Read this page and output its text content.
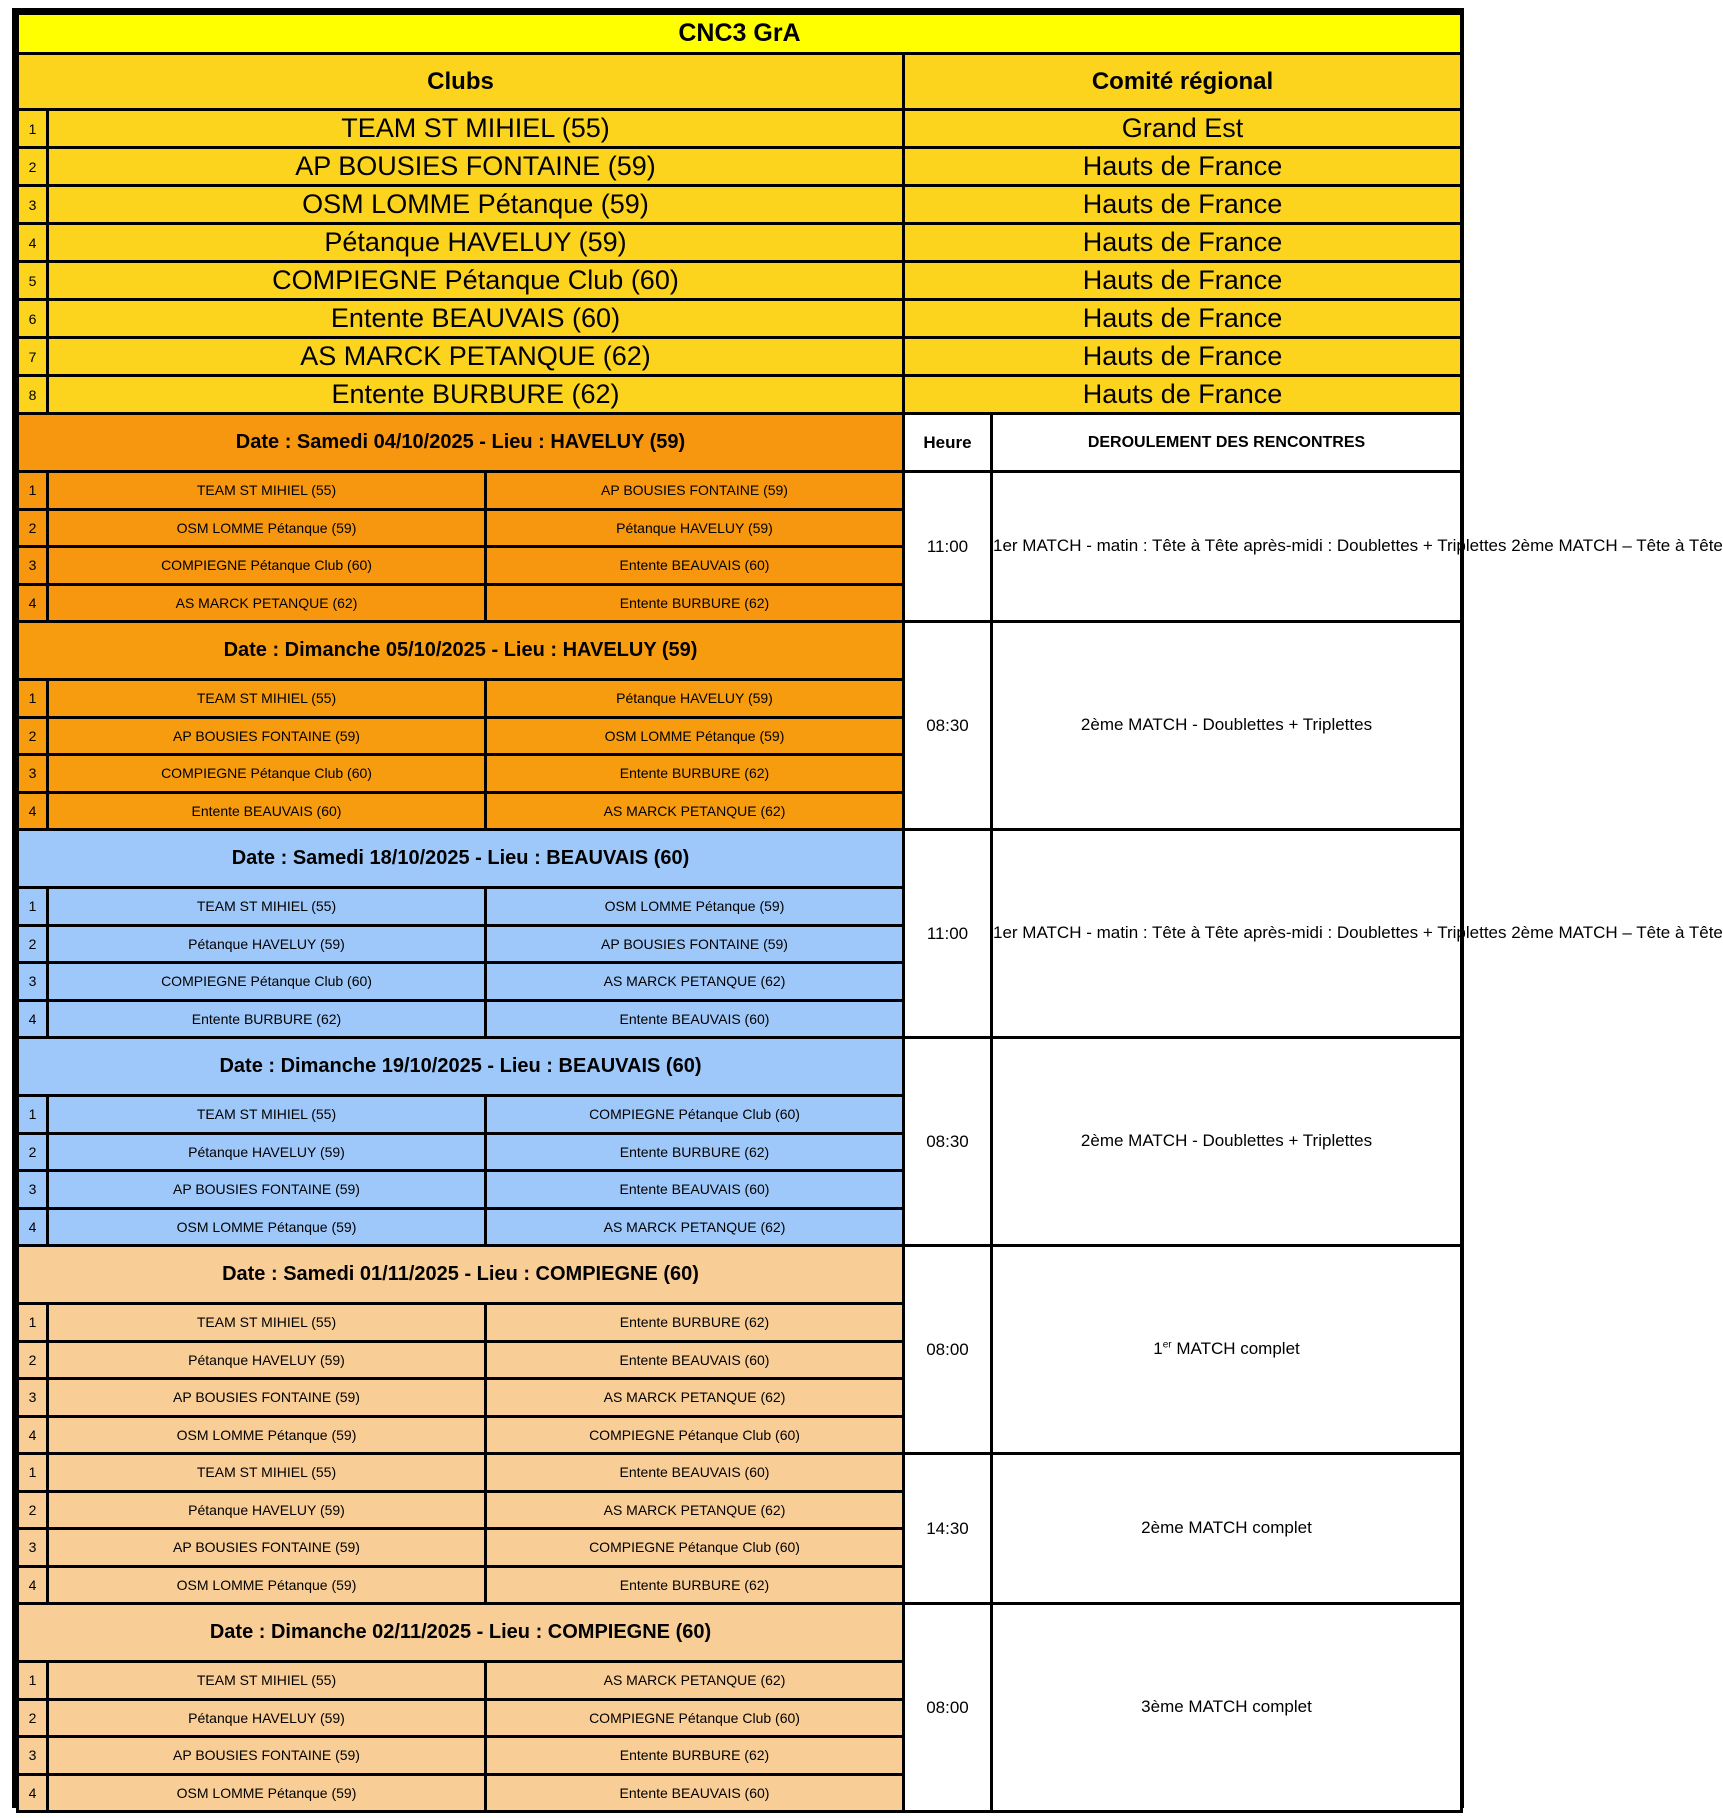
CNC3 GrA				
Clubs			Comité régional	
1	TEAM ST MIHIEL (55)		Grand Est	
2	AP BOUSIES FONTAINE (59)		Hauts de France	
3	OSM LOMME Pétanque (59)		Hauts de France	
4	Pétanque HAVELUY (59)		Hauts de France	
5	COMPIEGNE Pétanque Club (60)		Hauts de France	
6	Entente BEAUVAIS (60)		Hauts de France	
7	AS MARCK PETANQUE (62)		Hauts de France	
8	Entente BURBURE (62)		Hauts de France	
Date : Samedi 04/10/2025 - Lieu : HAVELUY (59)			Heure	DEROULEMENT DES RENCONTRES
1	TEAM ST MIHIEL (55)	AP BOUSIES FONTAINE (59)	11:00	1er MATCH - matin : Tête à Tête après-midi : Doublettes + Triplettes 2ème MATCH – Tête à Tête
2	OSM LOMME Pétanque (59)	Pétanque HAVELUY (59)		
3	COMPIEGNE Pétanque Club (60)	Entente BEAUVAIS (60)		
4	AS MARCK PETANQUE (62)	Entente BURBURE (62)		
Date : Dimanche 05/10/2025 - Lieu : HAVELUY (59)			08:30	2ème MATCH - Doublettes + Triplettes
1	TEAM ST MIHIEL (55)	Pétanque HAVELUY (59)		
2	AP BOUSIES FONTAINE (59)	OSM LOMME Pétanque (59)		
3	COMPIEGNE Pétanque Club (60)	Entente BURBURE (62)		
4	Entente BEAUVAIS (60)	AS MARCK PETANQUE (62)		
Date : Samedi 18/10/2025 - Lieu : BEAUVAIS (60)			11:00	1er MATCH - matin : Tête à Tête après-midi : Doublettes + Triplettes 2ème MATCH – Tête à Tête
1	TEAM ST MIHIEL (55)	OSM LOMME Pétanque (59)		
2	Pétanque HAVELUY (59)	AP BOUSIES FONTAINE (59)		
3	COMPIEGNE Pétanque Club (60)	AS MARCK PETANQUE (62)		
4	Entente BURBURE (62)	Entente BEAUVAIS (60)		
Date : Dimanche 19/10/2025 - Lieu : BEAUVAIS (60)			08:30	2ème MATCH - Doublettes + Triplettes
1	TEAM ST MIHIEL (55)	COMPIEGNE Pétanque Club (60)		
2	Pétanque HAVELUY (59)	Entente BURBURE (62)		
3	AP BOUSIES FONTAINE (59)	Entente BEAUVAIS (60)		
4	OSM LOMME Pétanque (59)	AS MARCK PETANQUE (62)		
Date : Samedi 01/11/2025 - Lieu : COMPIEGNE (60)			08:00	1er MATCH complet
1	TEAM ST MIHIEL (55)	Entente BURBURE (62)		
2	Pétanque HAVELUY (59)	Entente BEAUVAIS (60)		
3	AP BOUSIES FONTAINE (59)	AS MARCK PETANQUE (62)		
4	OSM LOMME Pétanque (59)	COMPIEGNE Pétanque Club (60)		
1	TEAM ST MIHIEL (55)	Entente BEAUVAIS (60)	14:30	2ème MATCH complet
2	Pétanque HAVELUY (59)	AS MARCK PETANQUE (62)		
3	AP BOUSIES FONTAINE (59)	COMPIEGNE Pétanque Club (60)		
4	OSM LOMME Pétanque (59)	Entente BURBURE (62)		
Date : Dimanche 02/11/2025 - Lieu : COMPIEGNE (60)			08:00	3ème MATCH complet
1	TEAM ST MIHIEL (55)	AS MARCK PETANQUE (62)		
2	Pétanque HAVELUY (59)	COMPIEGNE Pétanque Club (60)		
3	AP BOUSIES FONTAINE (59)	Entente BURBURE (62)		
4	OSM LOMME Pétanque (59)	Entente BEAUVAIS (60)		
